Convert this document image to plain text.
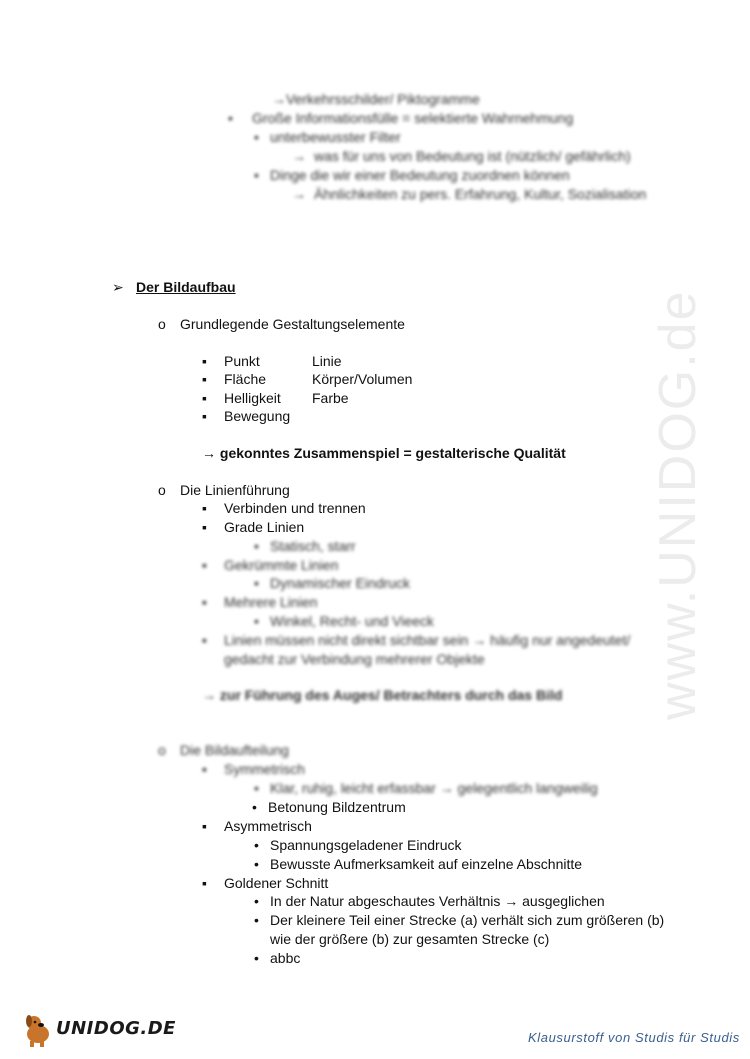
www.UNIDOG.de
→Verkehrsschilder/ Piktogramme
• Große Informationsfülle = selektierte Wahrnehmung
• unterbewusster Filter
→ was für uns von Bedeutung ist (nützlich/ gefährlich)
• Dinge die wir einer Bedeutung zuordnen können
→ Ähnlichkeiten zu pers. Erfahrung, Kultur, Sozialisation
➢ Der Bildaufbau
o Grundlegende Gestaltungselemente
▪ Punkt	Linie
▪ Fläche	Körper/Volumen
▪ Helligkeit Farbe
▪ Bewegung
→ gekonntes Zusammenspiel = gestalterische Qualität
o Die Linienführung
▪ Verbinden und trennen
▪ Grade Linien
• Statisch, starr
▪ Gekrümmte Linien
• Dynamischer Eindruck
▪ Mehrere Linien
• Winkel, Recht- und Vieeck
▪ Linien müssen nicht direkt sichtbar sein → häufig nur angedeutet/
gedacht zur Verbindung mehrerer Objekte
→ zur Führung des Auges/ Betrachters durch das Bild
o Die Bildaufteilung
▪ Symmetrisch
• Klar, ruhig, leicht erfassbar → gelegentlich langweilig
• Betonung Bildzentrum
▪ Asymmetrisch
• Spannungsgeladener Eindruck
• Bewusste Aufmerksamkeit auf einzelne Abschnitte
▪ Goldener Schnitt
• In der Natur abgeschautes Verhältnis → ausgeglichen
• Der kleinere Teil einer Strecke (a) verhält sich zum größeren (b)
wie der größere (b) zur gesamten Strecke (c)
• abbc
UNIDOG.DE	Klausurstoff von Studis für Studis
